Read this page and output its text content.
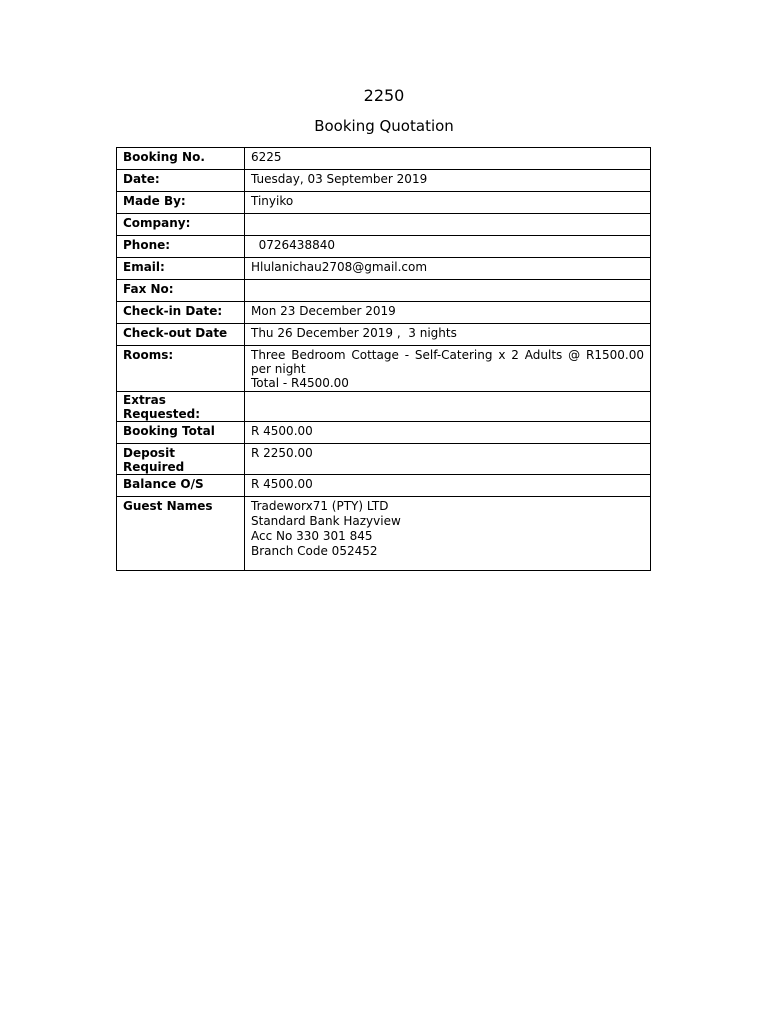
2250
Booking Quotation
Booking No.	6225

Date:	Tuesday, 03 September 2019

Made By:	Tinyiko

Company:	
Phone:	0726438840

Email:	Hlulanichau2708@gmail.com

Fax No:	
Check-in Date:	Mon 23 December 2019

Check-out Date	Thu 26 December 2019 ,  3 nights

Rooms:	Three Bedroom Cottage - Self-Catering x 2 Adults @ R1500.00 per night
Total - R4500.00

Extras Requested:	
Booking Total	R 4500.00

Deposit Required	R 2250.00

Balance O/S	R 4500.00

Guest Names	Tradeworx71 (PTY) LTD
Standard Bank Hazyview
Acc No 330 301 845
Branch Code 052452
